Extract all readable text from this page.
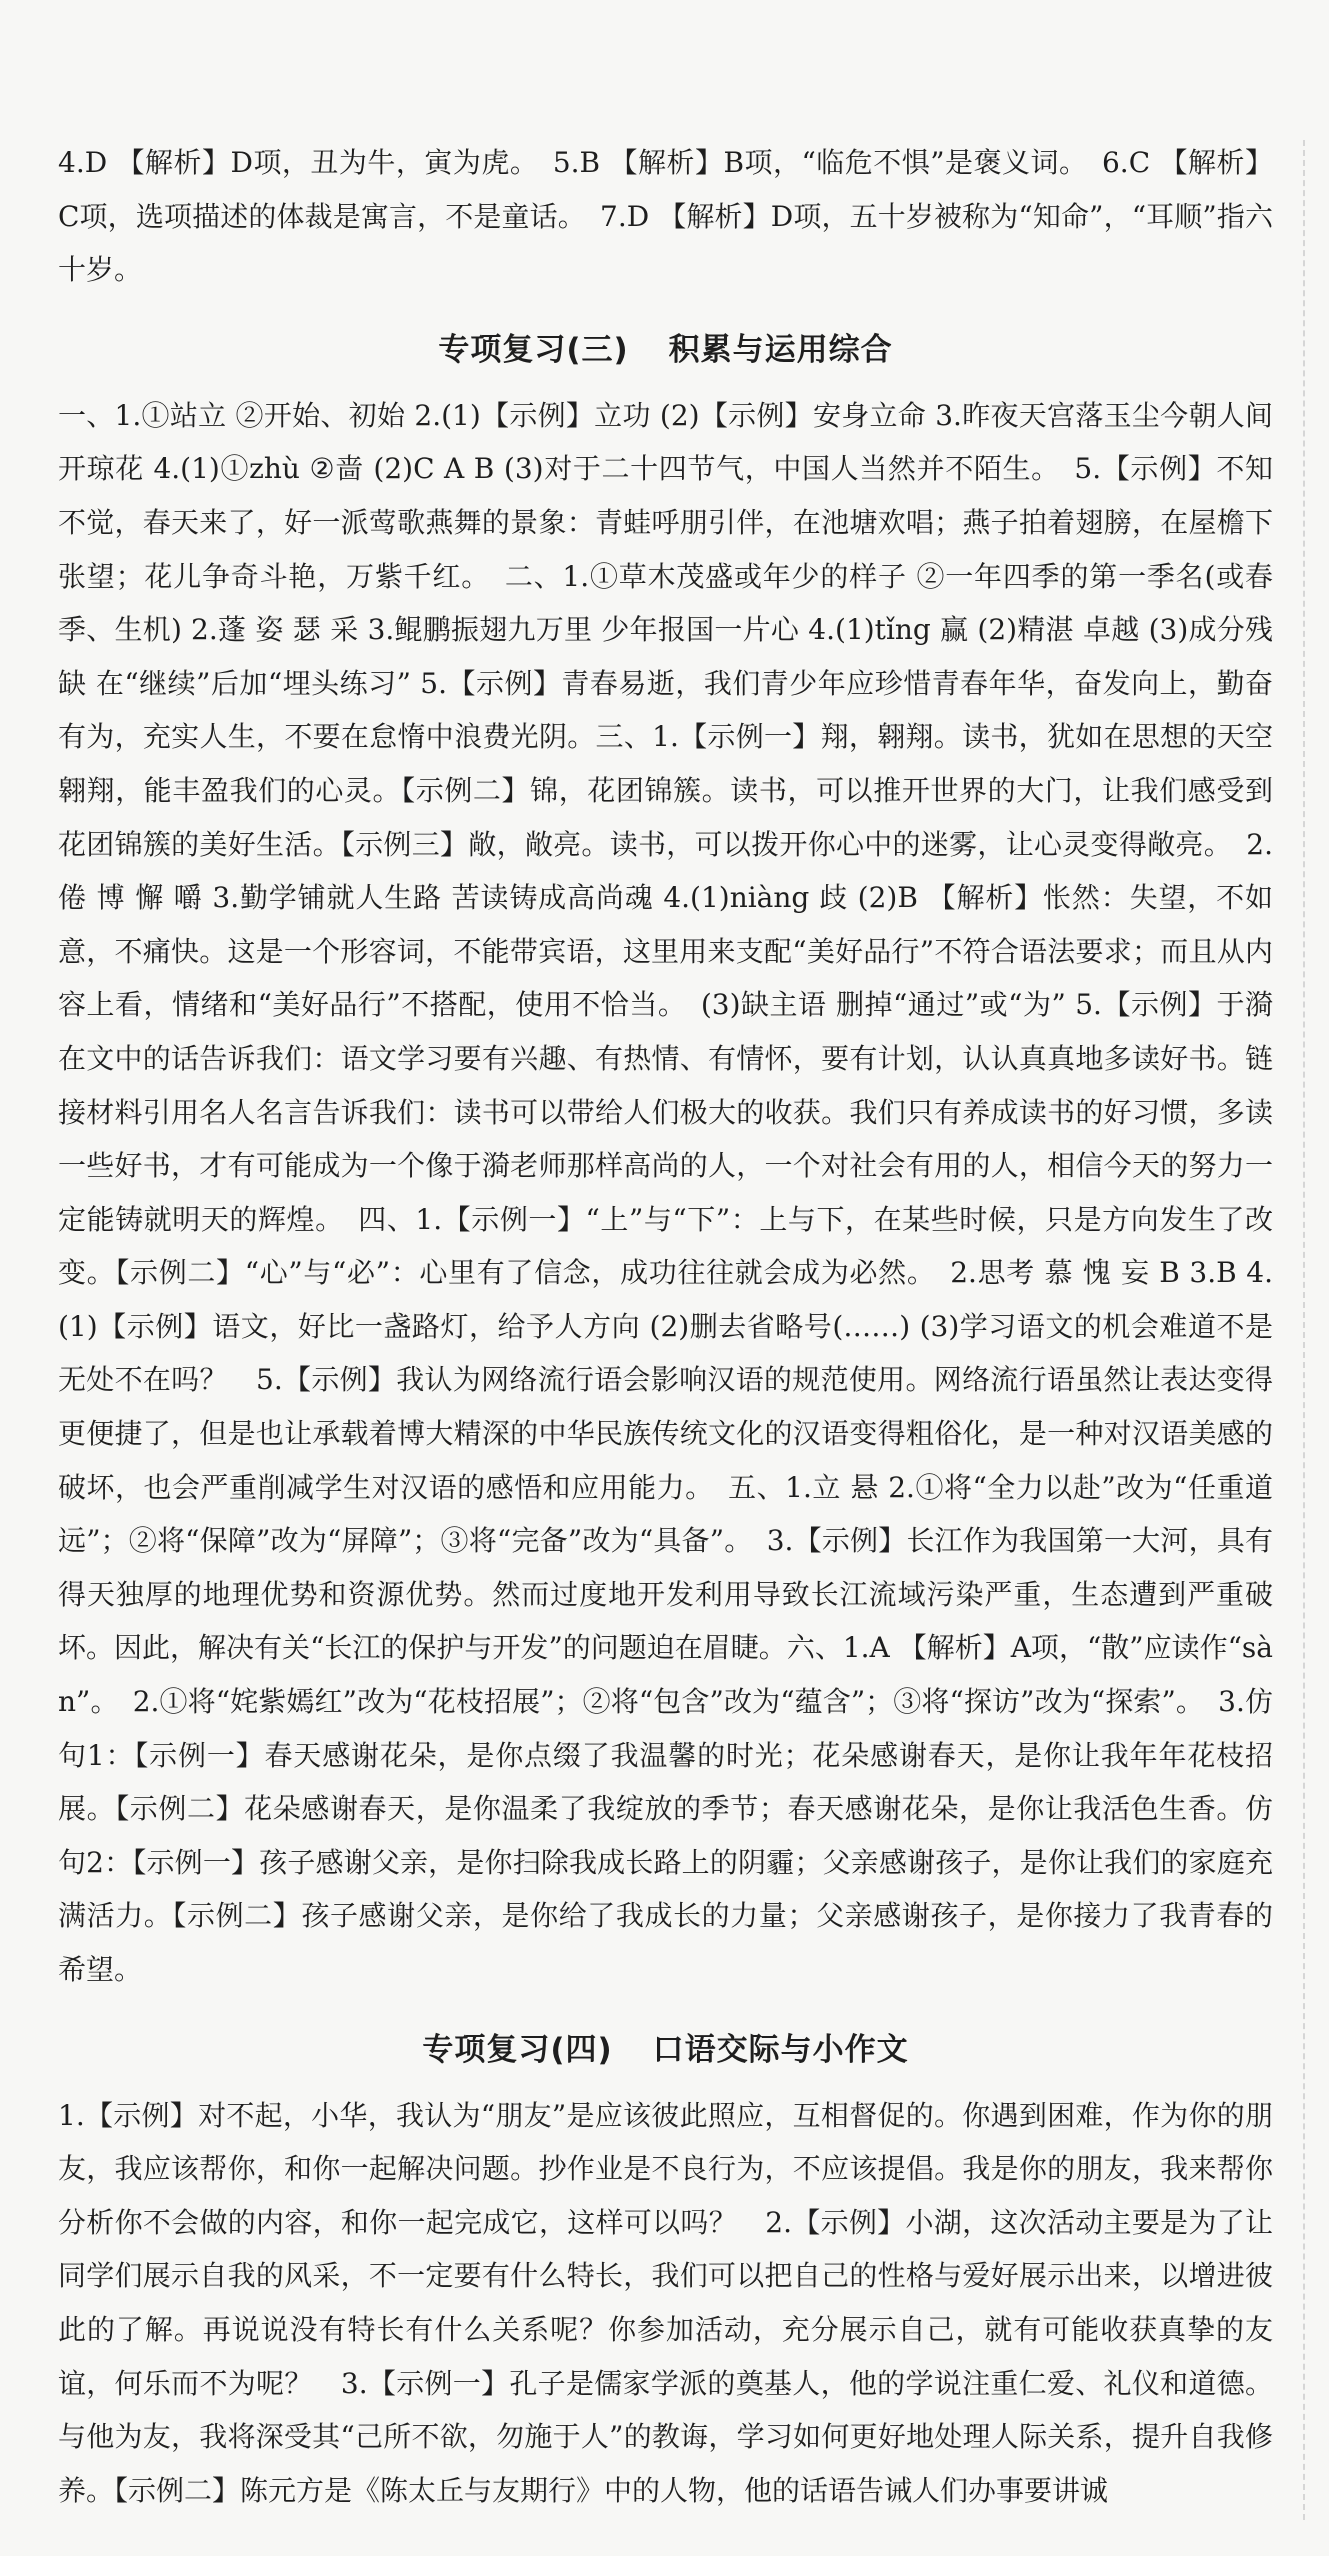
4.D 【解析】D项，丑为牛，寅为虎。　5.B 【解析】B项，“临危不惧”是褒义词。　6.C 【解析】C项，选项描述的体裁是寓言，不是童话。　7.D 【解析】D项，五十岁被称为“知命”，“耳顺”指六十岁。

专项复习(三) 积累与运用综合

一、1.①站立 ②开始、初始 2.(1)【示例】立功 (2)【示例】安身立命 3.昨夜天宫落玉尘今朝人间开琼花 4.(1)①zhù ②啬 (2)C A B (3)对于二十四节气，中国人当然并不陌生。　5.【示例】不知不觉，春天来了，好一派莺歌燕舞的景象：青蛙呼朋引伴，在池塘欢唱；燕子拍着翅膀，在屋檐下张望；花儿争奇斗艳，万紫千红。　二、1.①草木茂盛或年少的样子 ②一年四季的第一季名(或春季、生机) 2.蓬 姿 瑟 采 3.鲲鹏振翅九万里 少年报国一片心 4.(1)tǐng 赢 (2)精湛 卓越 (3)成分残缺 在“继续”后加“埋头练习” 5.【示例】青春易逝，我们青少年应珍惜青春年华，奋发向上，勤奋有为，充实人生，不要在怠惰中浪费光阴。三、1.【示例一】翔，翱翔。读书，犹如在思想的天空翱翔，能丰盈我们的心灵。【示例二】锦，花团锦簇。读书，可以推开世界的大门，让我们感受到花团锦簇的美好生活。【示例三】敞，敞亮。读书，可以拨开你心中的迷雾，让心灵变得敞亮。　2.倦 博 懈 嚼 3.勤学铺就人生路 苦读铸成高尚魂 4.(1)niàng 歧 (2)B 【解析】怅然：失望，不如意，不痛快。这是一个形容词，不能带宾语，这里用来支配“美好品行”不符合语法要求；而且从内容上看，情绪和“美好品行”不搭配，使用不恰当。　(3)缺主语 删掉“通过”或“为” 5.【示例】于漪在文中的话告诉我们：语文学习要有兴趣、有热情、有情怀，要有计划，认认真真地多读好书。链接材料引用名人名言告诉我们：读书可以带给人们极大的收获。我们只有养成读书的好习惯，多读一些好书，才有可能成为一个像于漪老师那样高尚的人，一个对社会有用的人，相信今天的努力一定能铸就明天的辉煌。　四、1.【示例一】“上”与“下”：上与下，在某些时候，只是方向发生了改变。【示例二】“心”与“必”：心里有了信念，成功往往就会成为必然。　2.思考 慕 愧 妄 B 3.B 4.(1)【示例】语文，好比一盏路灯，给予人方向 (2)删去省略号(……) (3)学习语文的机会难道不是无处不在吗？　5.【示例】我认为网络流行语会影响汉语的规范使用。网络流行语虽然让表达变得更便捷了，但是也让承载着博大精深的中华民族传统文化的汉语变得粗俗化，是一种对汉语美感的破坏，也会严重削减学生对汉语的感悟和应用能力。　五、1.立 悬 2.①将“全力以赴”改为“任重道远”；②将“保障”改为“屏障”；③将“完备”改为“具备”。　3.【示例】长江作为我国第一大河，具有得天独厚的地理优势和资源优势。然而过度地开发利用导致长江流域污染严重，生态遭到严重破坏。因此，解决有关“长江的保护与开发”的问题迫在眉睫。六、1.A 【解析】A项，“散”应读作“sàn”。　2.①将“姹紫嫣红”改为“花枝招展”；②将“包含”改为“蕴含”；③将“探访”改为“探索”。　3.仿句1：【示例一】春天感谢花朵，是你点缀了我温馨的时光；花朵感谢春天，是你让我年年花枝招展。【示例二】花朵感谢春天，是你温柔了我绽放的季节；春天感谢花朵，是你让我活色生香。仿句2：【示例一】孩子感谢父亲，是你扫除我成长路上的阴霾；父亲感谢孩子，是你让我们的家庭充满活力。【示例二】孩子感谢父亲，是你给了我成长的力量；父亲感谢孩子，是你接力了我青春的希望。

专项复习(四) 口语交际与小作文

1.【示例】对不起，小华，我认为“朋友”是应该彼此照应，互相督促的。你遇到困难，作为你的朋友，我应该帮你，和你一起解决问题。抄作业是不良行为，不应该提倡。我是你的朋友，我来帮你分析你不会做的内容，和你一起完成它，这样可以吗？　2.【示例】小湖，这次活动主要是为了让同学们展示自我的风采，不一定要有什么特长，我们可以把自己的性格与爱好展示出来，以增进彼此的了解。再说说没有特长有什么关系呢？你参加活动，充分展示自己，就有可能收获真挚的友谊，何乐而不为呢？　3.【示例一】孔子是儒家学派的奠基人，他的学说注重仁爱、礼仪和道德。与他为友，我将深受其“己所不欲，勿施于人”的教诲，学习如何更好地处理人际关系，提升自我修养。【示例二】陈元方是《陈太丘与友期行》中的人物，他的话语告诫人们办事要讲诚
